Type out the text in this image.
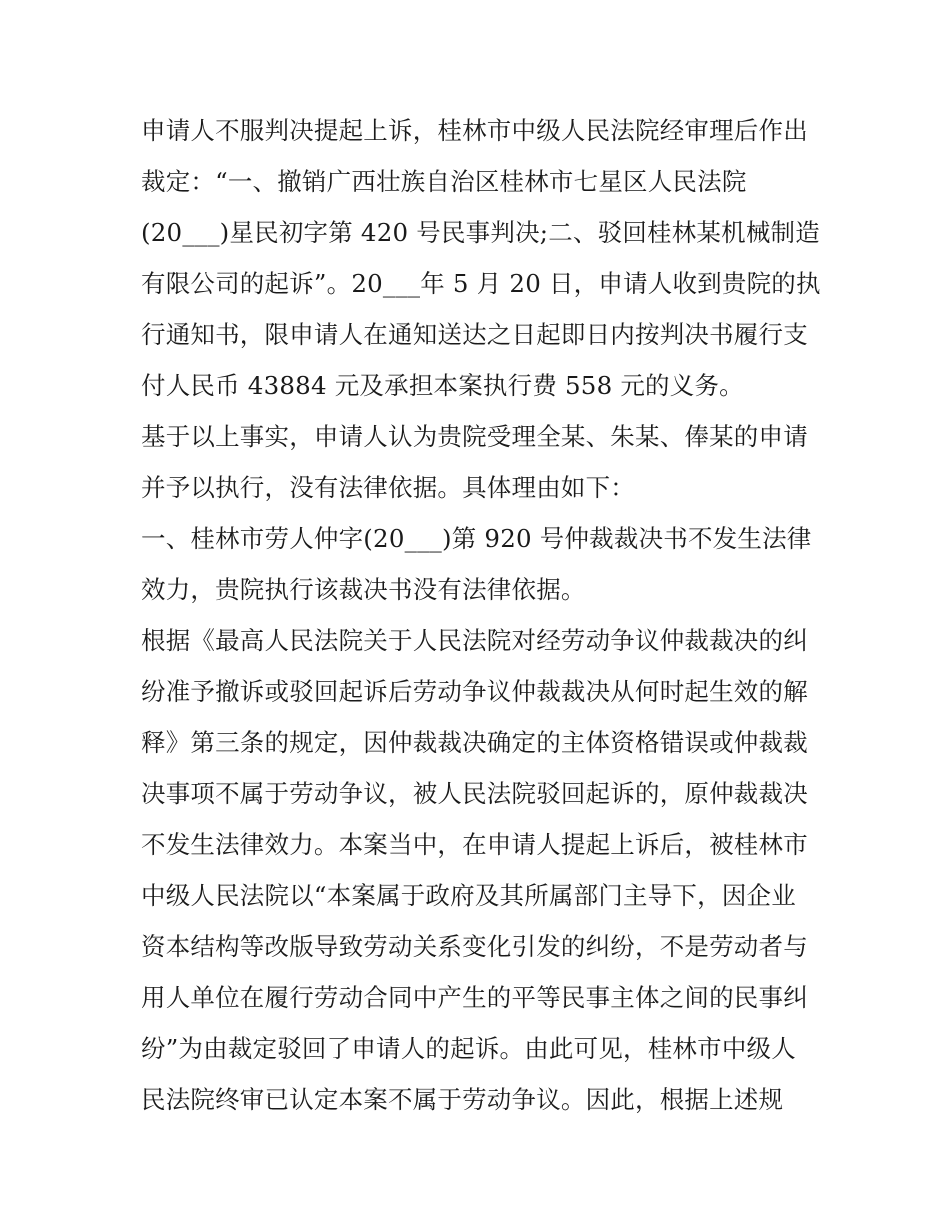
申请人不服判决提起上诉，桂林市中级人民法院经审理后作出
裁定：“一、撤销广西壮族自治区桂林市七星区人民法院
(20___)星民初字第 420 号民事判决;二、驳回桂林某机械制造
有限公司的起诉”。20___年 5 月 20 日，申请人收到贵院的执
行通知书，限申请人在通知送达之日起即日内按判决书履行支
付人民币 43884 元及承担本案执行费 558 元的义务。
基于以上事实，申请人认为贵院受理全某、朱某、俸某的申请
并予以执行，没有法律依据。具体理由如下：
一、桂林市劳人仲字(20___)第 920 号仲裁裁决书不发生法律
效力，贵院执行该裁决书没有法律依据。
根据《最高人民法院关于人民法院对经劳动争议仲裁裁决的纠
纷准予撤诉或驳回起诉后劳动争议仲裁裁决从何时起生效的解
释》第三条的规定，因仲裁裁决确定的主体资格错误或仲裁裁
决事项不属于劳动争议，被人民法院驳回起诉的，原仲裁裁决
不发生法律效力。本案当中，在申请人提起上诉后，被桂林市
中级人民法院以“本案属于政府及其所属部门主导下，因企业
资本结构等改版导致劳动关系变化引发的纠纷，不是劳动者与
用人单位在履行劳动合同中产生的平等民事主体之间的民事纠
纷”为由裁定驳回了申请人的起诉。由此可见，桂林市中级人
民法院终审已认定本案不属于劳动争议。因此，根据上述规
